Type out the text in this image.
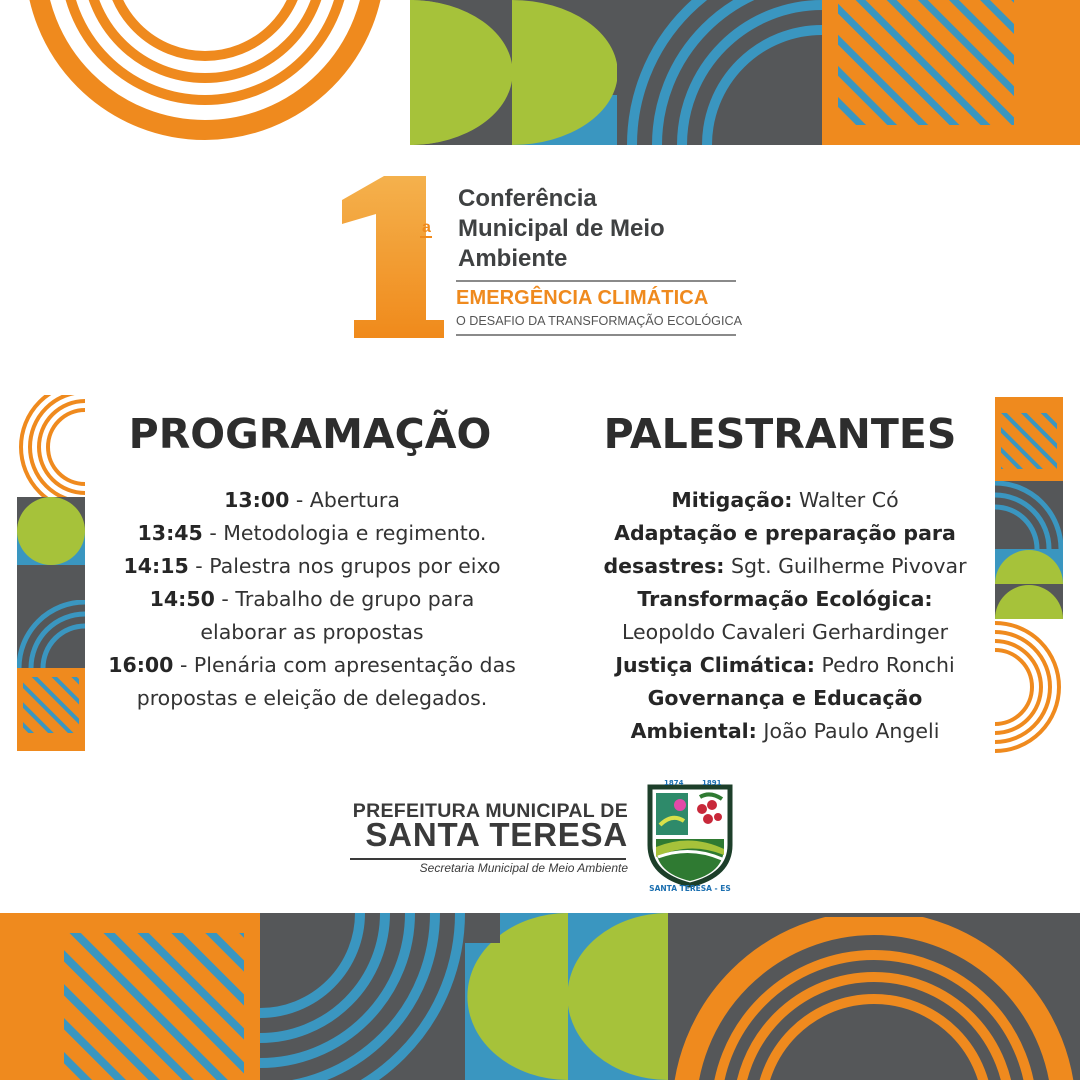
a
Conferência
Municipal de Meio
Ambiente
EMERGÊNCIA CLIMÁTICA
O DESAFIO DA TRANSFORMAÇÃO ECOLÓGICA
PROGRAMAÇÃO
13:00 - Abertura
13:45 - Metodologia e regimento.
14:15 - Palestra nos grupos por eixo
14:50 - Trabalho de grupo para
elaborar as propostas
16:00 - Plenária com apresentação das
propostas e eleição de delegados.
PALESTRANTES
Mitigação: Walter Có
Adaptação e preparação para
desastres: Sgt. Guilherme Pivovar
Transformação Ecológica:
Leopoldo Cavaleri Gerhardinger
Justiça Climática: Pedro Ronchi
Governança e Educação
Ambiental: João Paulo Angeli
PREFEITURA MUNICIPAL DE
SANTA TERESA
Secretaria Municipal de Meio Ambiente
1874	1891
SANTA TERESA - ES
